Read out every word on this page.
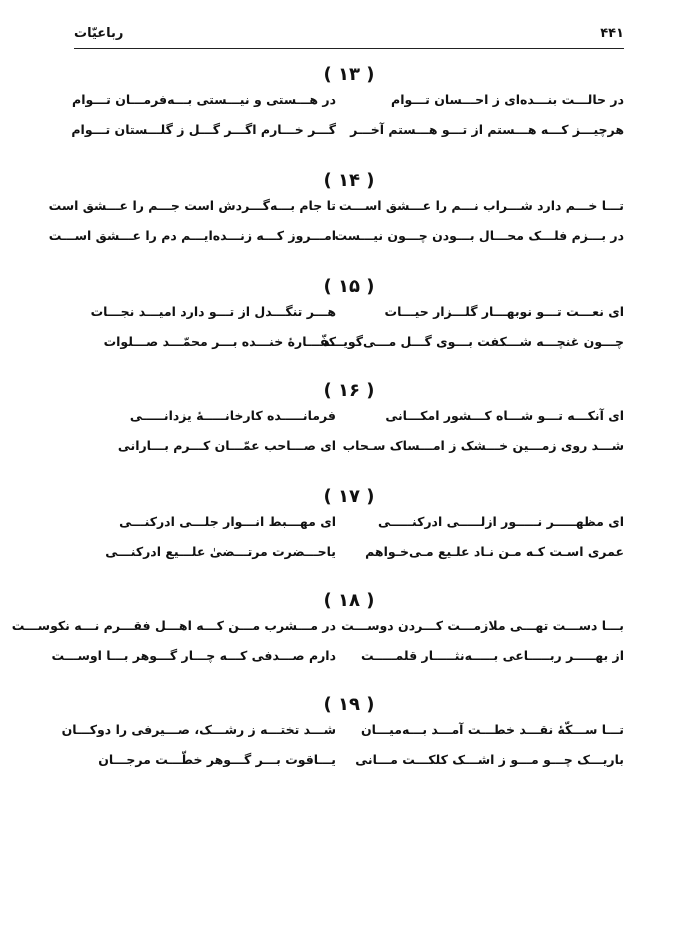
۴۴۱
رباعیّات
( ۱۳ )
در حالـــت بنـــده‌ای ز احـــسان تـــوام
در هـــستی و نیـــستی بـــه‌فرمـــان تـــوام
هرچیـــز کـــه هـــستم از تـــو هـــستم آخـــر
گـــر خـــارم اگـــر گـــل ز گلـــستان تـــوام
( ۱۴ )
تـــا خـــم دارد شـــراب نـــم را عـــشق اســـت
تا جام بـــه‌گـــردش است جـــم را عـــشق است
در بـــزم فلـــک محـــال بـــودن چـــون نیـــست
امـــروز کـــه زنـــده‌ایـــم دم را عـــشق اســـت
( ۱۵ )
ای نعـــت تـــو نوبهـــار گلـــزار حیـــات
هـــر تنگـــدل از تـــو دارد امیـــد نجـــات
چـــون غنچـــه شـــکفت بـــوی گـــل مـــی‌گویـــد
کفّـــارهٔ خنـــده بـــر محمّـــد صـــلوات
( ۱۶ )
ای آنکـــه تـــو شـــاه کـــشور امکـــانی
فرمانـــــده کارخانـــــهٔ یزدانـــــی
شـــد روی زمـــین خـــشک ز امـــساک سـحاب
ای صـــاحب عمّـــان کـــرم بـــارانی
( ۱۷ )
ای مظهـــــر نـــــور ازلـــــی ادرکنـــــی
ای مهـــبط انـــوار جلـــی ادرکنـــی
عمری اسـت کـه مـن نـاد علـیع مـی‌خـواهم
یاحـــضرت مرتـــضیٰ علـــیع ادرکنـــی
( ۱۸ )
بـــا دســـت تهـــی ملازمـــت کـــردن دوســـت
در مـــشرب مـــن کـــه اهـــل فقـــرم نـــه نکوســـت
از بهـــــر ربـــــاعی بـــــه‌نثـــــار قلمـــــت
دارم صـــدفی کـــه چـــار گـــوهر بـــا اوســـت
( ۱۹ )
تـــا ســـکّهٔ نقـــد خطـــت آمـــد بـــه‌میـــان
شـــد تختـــه ز رشـــک، صـــیرفی را دوکـــان
باریـــک چـــو مـــو ز اشـــک کلکـــت مـــانی
یـــاقوت بـــر گـــوهر خطّـــت مرجـــان
